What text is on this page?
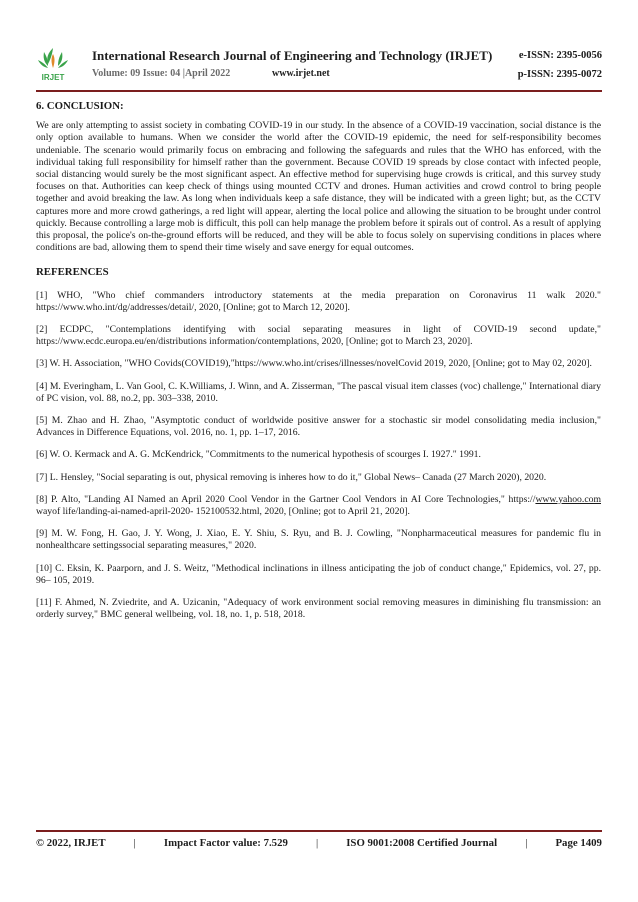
IRJET
International Research Journal of Engineering and Technology (IRJET)	e-ISSN: 2395-0056
Volume: 09 Issue: 04 |April 2022	www.irjet.net	p-ISSN: 2395-0072
6. CONCLUSION:

We are only attempting to assist society in combating COVID-19 in our study. In the absence of a COVID-19 vaccination, social distance is the only option available to humans. When we consider the world after the COVID-19 epidemic, the need for self-responsibility becomes undeniable. The scenario would primarily focus on embracing and following the safeguards and rules that the WHO has enforced, with the individual taking full responsibility for himself rather than the government. Because COVID 19 spreads by close contact with infected people, social distancing would surely be the most significant aspect. An effective method for supervising huge crowds is critical, and this survey study focuses on that. Authorities can keep check of things using mounted CCTV and drones. Human activities and crowd control to bring people together and avoid breaking the law. As long when individuals keep a safe distance, they will be indicated with a green light; but, as the CCTV captures more and more crowd gatherings, a red light will appear, alerting the local police and allowing the situation to be brought under control quickly. Because controlling a large mob is difficult, this poll can help manage the problem before it spirals out of control. As a result of applying this proposal, the police's on-the-ground efforts will be reduced, and they will be able to focus solely on supervising conditions in places where conditions are bad, allowing them to spend their time wisely and save energy for equal outcomes.

REFERENCES

[1] WHO, "Who chief commanders introductory statements at the media preparation on Coronavirus 11 walk 2020." https://www.who.int/dg/addresses/detail/, 2020, [Online; got to March 12, 2020].

[2] ECDPC, "Contemplations identifying with social separating measures in light of COVID-19 second update," https://www.ecdc.europa.eu/en/distributions information/contemplations, 2020, [Online; got to March 23, 2020].

[3] W. H. Association, "WHO Covids(COVID19),"https://www.who.int/crises/illnesses/novelCovid 2019, 2020, [Online; got to May 02, 2020].

[4] M. Everingham, L. Van Gool, C. K.Williams, J. Winn, and A. Zisserman, "The pascal visual item classes (voc) challenge," International diary of PC vision, vol. 88, no.2, pp. 303–338, 2010.

[5] M. Zhao and H. Zhao, "Asymptotic conduct of worldwide positive answer for a stochastic sir model consolidating media inclusion," Advances in Difference Equations, vol. 2016, no. 1, pp. 1–17, 2016.

[6] W. O. Kermack and A. G. McKendrick, "Commitments to the numerical hypothesis of scourges I. 1927." 1991.

[7] L. Hensley, "Social separating is out, physical removing is inheres how to do it," Global News– Canada (27 March 2020), 2020.

[8] P. Alto, "Landing AI Named an April 2020 Cool Vendor in the Gartner Cool Vendors in AI Core Technologies," https://www.yahoo.com wayof life/landing-ai-named-april-2020- 152100532.html, 2020, [Online; got to April 21, 2020].

[9] M. W. Fong, H. Gao, J. Y. Wong, J. Xiao, E. Y. Shiu, S. Ryu, and B. J. Cowling, "Nonpharmaceutical measures for pandemic flu in nonhealthcare settingssocial separating measures," 2020.

[10] C. Eksin, K. Paarporn, and J. S. Weitz, "Methodical inclinations in illness anticipating the job of conduct change," Epidemics, vol. 27, pp. 96– 105, 2019.

[11] F. Ahmed, N. Zviedrite, and A. Uzicanin, "Adequacy of work environment social removing measures in diminishing flu transmission: an orderly survey," BMC general wellbeing, vol. 18, no. 1, p. 518, 2018.

© 2022, IRJET	|	Impact Factor value: 7.529	|	ISO 9001:2008 Certified Journal	|	Page 1409
